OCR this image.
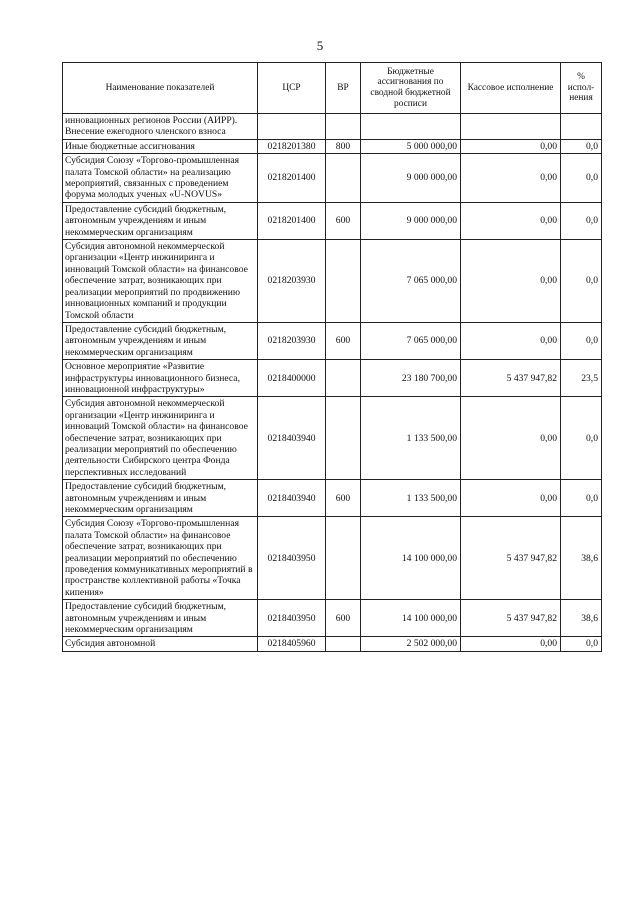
5
Наименование показателей	ЦСР	ВР	Бюджетные ассигнования по сводной бюджетной росписи	Кассовое исполнение	% испол-нения
инновационных регионов России (АИРР). Внесение ежегодного членского взноса					
Иные бюджетные ассигнования	0218201380	800	5 000 000,00	0,00	0,0
Субсидия Союзу «Торгово-промышленная палата Томской области» на реализацию мероприятий, связанных с проведением форума молодых ученых «U-NOVUS»	0218201400		9 000 000,00	0,00	0,0
Предоставление субсидий бюджетным, автономным учреждениям и иным некоммерческим организациям	0218201400	600	9 000 000,00	0,00	0,0
Субсидия автономной некоммерческой организации «Центр инжиниринга и инноваций Томской области» на финансовое обеспечение затрат, возникающих при реализации мероприятий по продвижению инновационных компаний и продукции Томской области	0218203930		7 065 000,00	0,00	0,0
Предоставление субсидий бюджетным, автономным учреждениям и иным некоммерческим организациям	0218203930	600	7 065 000,00	0,00	0,0
Основное мероприятие «Развитие инфраструктуры инновационного бизнеса, инновационной инфраструктуры»	0218400000		23 180 700,00	5 437 947,82	23,5
Субсидия автономной некоммерческой организации «Центр инжиниринга и инноваций Томской области» на финансовое обеспечение затрат, возникающих при реализации мероприятий по обеспечению деятельности Сибирского центра Фонда перспективных исследований	0218403940		1 133 500,00	0,00	0,0
Предоставление субсидий бюджетным, автономным учреждениям и иным некоммерческим организациям	0218403940	600	1 133 500,00	0,00	0,0
Субсидия Союзу «Торгово-промышленная палата Томской области» на финансовое обеспечение затрат, возникающих при реализации мероприятий по обеспечению проведения коммуникативных мероприятий в пространстве коллективной работы «Точка кипения»	0218403950		14 100 000,00	5 437 947,82	38,6
Предоставление субсидий бюджетным, автономным учреждениям и иным некоммерческим организациям	0218403950	600	14 100 000,00	5 437 947,82	38,6
Субсидия автономной	0218405960		2 502 000,00	0,00	0,0
